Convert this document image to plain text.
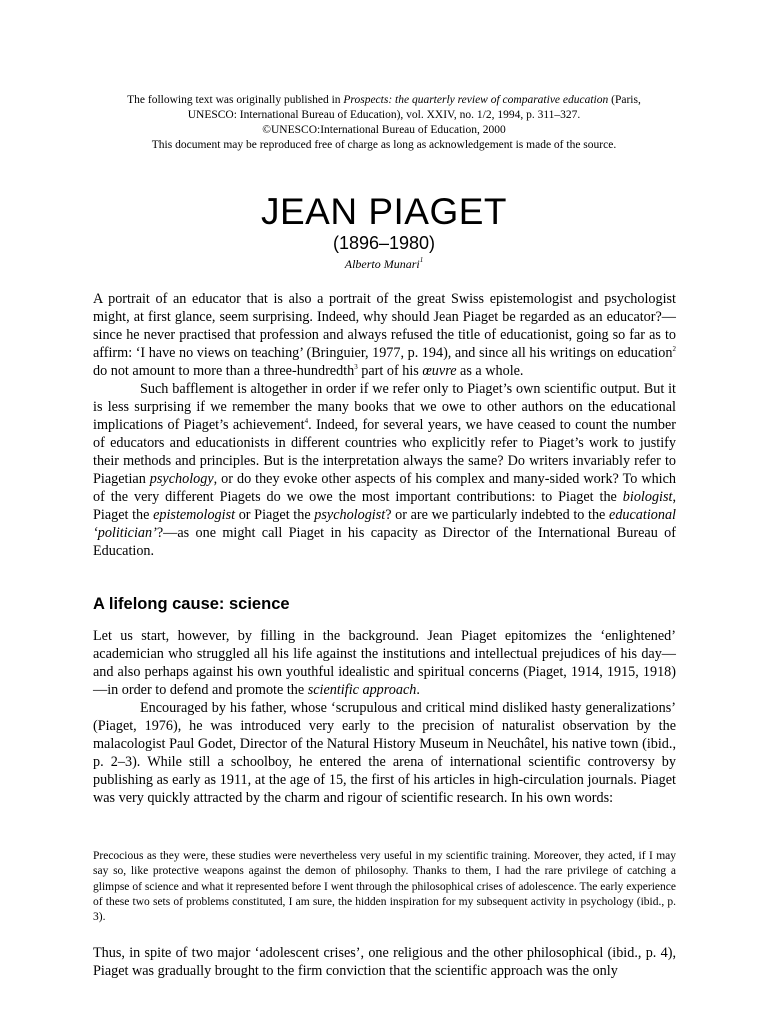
The following text was originally published in Prospects: the quarterly review of comparative education (Paris,
UNESCO: International Bureau of Education), vol. XXIV, no. 1/2, 1994, p. 311–327.
©UNESCO:International Bureau of Education, 2000
This document may be reproduced free of charge as long as acknowledgement is made of the source.
JEAN PIAGET
(1896–1980)
Alberto Munari$^1$

A portrait of an educator that is also a portrait of the great Swiss epistemologist and psychologist might, at first glance, seem surprising. Indeed, why should Jean Piaget be regarded as an educator?—since he never practised that profession and always refused the title of educationist, going so far as to affirm: ‘I have no views on teaching’ (Bringuier, 1977, p. 194), and since all his writings on education$^2$ do not amount to more than a three-hundredth$^3$ part of his œuvre as a whole.

Such bafflement is altogether in order if we refer only to Piaget’s own scientific output. But it is less surprising if we remember the many books that we owe to other authors on the educational implications of Piaget’s achievement$^4$. Indeed, for several years, we have ceased to count the number of educators and educationists in different countries who explicitly refer to Piaget’s work to justify their methods and principles. But is the interpretation always the same? Do writers invariably refer to Piagetian psychology, or do they evoke other aspects of his complex and many-sided work? To which of the very different Piagets do we owe the most important contributions: to Piaget the biologist, Piaget the epistemologist or Piaget the psychologist? or are we particularly indebted to the educational ‘politician’?—as one might call Piaget in his capacity as Director of the International Bureau of Education.

A lifelong cause: science

Let us start, however, by filling in the background. Jean Piaget epitomizes the ‘enlightened’ academician who struggled all his life against the institutions and intellectual prejudices of his day—and also perhaps against his own youthful idealistic and spiritual concerns (Piaget, 1914, 1915, 1918)—in order to defend and promote the scientific approach.

Encouraged by his father, whose ‘scrupulous and critical mind disliked hasty generalizations’ (Piaget, 1976), he was introduced very early to the precision of naturalist observation by the malacologist Paul Godet, Director of the Natural History Museum in Neuchâtel, his native town (ibid., p. 2–3). While still a schoolboy, he entered the arena of international scientific controversy by publishing as early as 1911, at the age of 15, the first of his articles in high-circulation journals. Piaget was very quickly attracted by the charm and rigour of scientific research. In his own words:

Precocious as they were, these studies were nevertheless very useful in my scientific training. Moreover, they acted, if I may say so, like protective weapons against the demon of philosophy. Thanks to them, I had the rare privilege of catching a glimpse of science and what it represented before I went through the philosophical crises of adolescence. The early experience of these two sets of problems constituted, I am sure, the hidden inspiration for my subsequent activity in psychology (ibid., p. 3).

Thus, in spite of two major ‘adolescent crises’, one religious and the other philosophical (ibid., p. 4), Piaget was gradually brought to the firm conviction that the scientific approach was the only
